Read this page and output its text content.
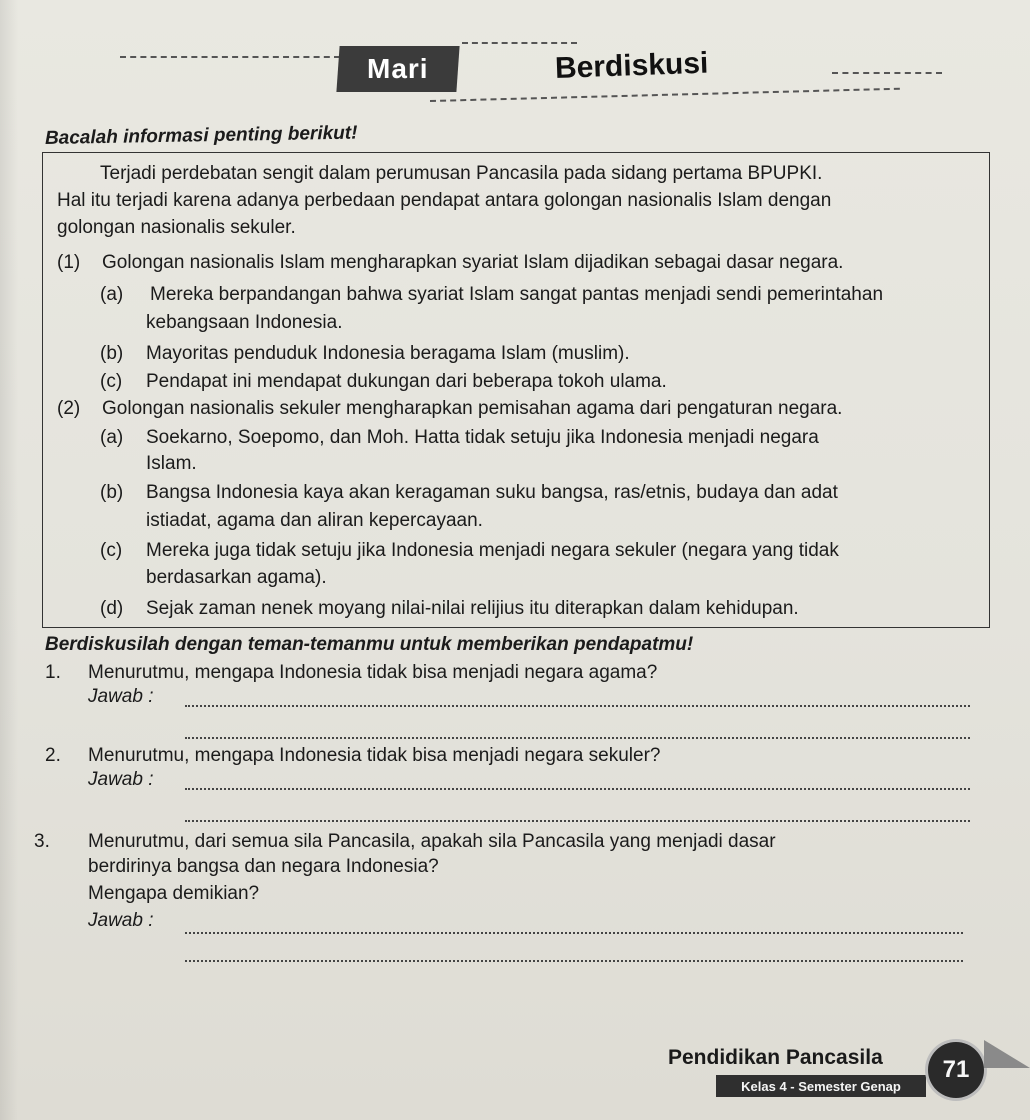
Mari	Berdiskusi
Bacalah informasi penting berikut!
Terjadi perdebatan sengit dalam perumusan Pancasila pada sidang pertama BPUPKI.
Hal itu terjadi karena adanya perbedaan pendapat antara golongan nasionalis Islam dengan
golongan nasionalis sekuler.
(1) Golongan nasionalis Islam mengharapkan syariat Islam dijadikan sebagai dasar negara.
(a) Mereka berpandangan bahwa syariat Islam sangat pantas menjadi sendi pemerintahan
kebangsaan Indonesia.
(b) Mayoritas penduduk Indonesia beragama Islam (muslim).
(c) Pendapat ini mendapat dukungan dari beberapa tokoh ulama.
(2) Golongan nasionalis sekuler mengharapkan pemisahan agama dari pengaturan negara.
(a) Soekarno, Soepomo, dan Moh. Hatta tidak setuju jika Indonesia menjadi negara
Islam.
(b) Bangsa Indonesia kaya akan keragaman suku bangsa, ras/etnis, budaya dan adat
istiadat, agama dan aliran kepercayaan.
(c) Mereka juga tidak setuju jika Indonesia menjadi negara sekuler (negara yang tidak
berdasarkan agama).
(d) Sejak zaman nenek moyang nilai-nilai relijius itu diterapkan dalam kehidupan.
Berdiskusilah dengan teman-temanmu untuk memberikan pendapatmu!
1. Menurutmu, mengapa Indonesia tidak bisa menjadi negara agama?
Jawab :
2. Menurutmu, mengapa Indonesia tidak bisa menjadi negara sekuler?
Jawab :
3. Menurutmu, dari semua sila Pancasila, apakah sila Pancasila yang menjadi dasar
berdirinya bangsa dan negara Indonesia?
Mengapa demikian?
Jawab :
Pendidikan Pancasila
Kelas 4 - Semester Genap
71
